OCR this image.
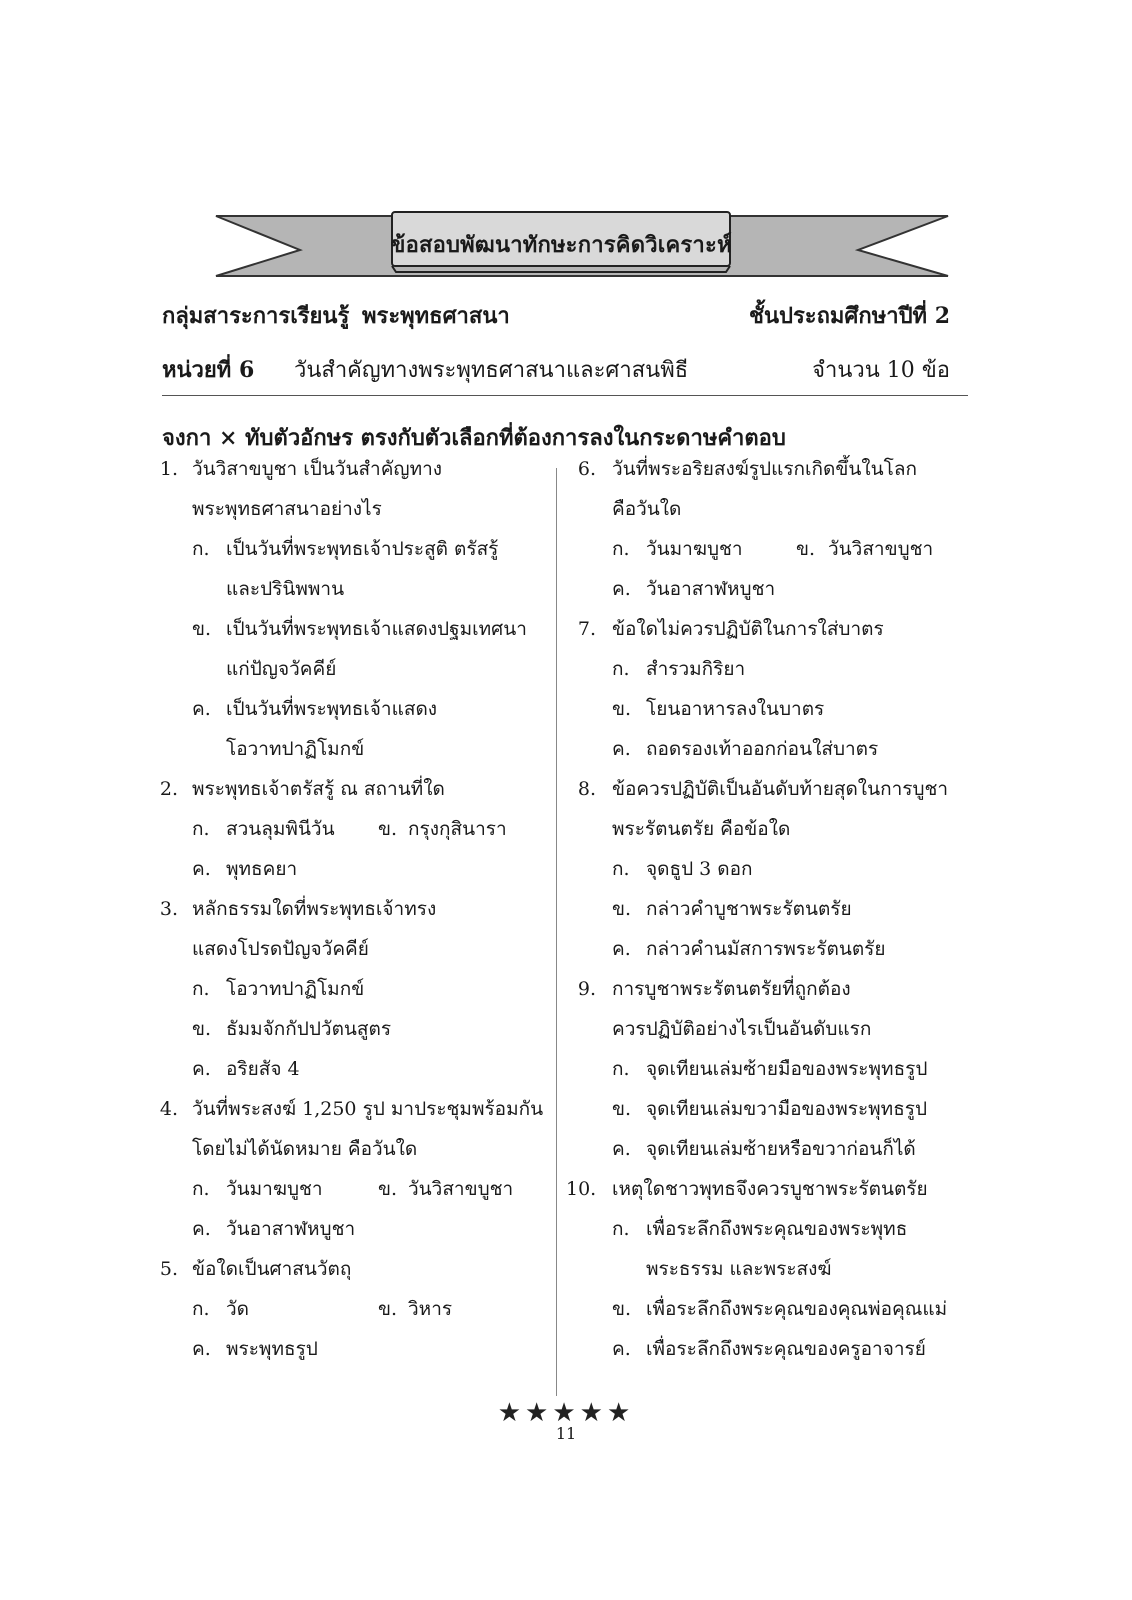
ข้อสอบพัฒนาทักษะการคิดวิเคราะห์
กลุ่มสาระการเรียนรู้ พระพุทธศาสนา	ชั้นประถมศึกษาปีที่ 2
หน่วยที่ 6 วันสำคัญทางพระพุทธศาสนาและศาสนพิธี	จำนวน 10 ข้อ
จงกา × ทับตัวอักษร ตรงกับตัวเลือกที่ต้องการลงในกระดาษคำตอบ
1. วันวิสาขบูชา เป็นวันสำคัญทาง
พระพุทธศาสนาอย่างไร
ก. เป็นวันที่พระพุทธเจ้าประสูติ ตรัสรู้
และปรินิพพาน
ข. เป็นวันที่พระพุทธเจ้าแสดงปฐมเทศนา
แก่ปัญจวัคคีย์
ค. เป็นวันที่พระพุทธเจ้าแสดง
โอวาทปาฏิโมกข์
2. พระพุทธเจ้าตรัสรู้ ณ สถานที่ใด
ก. สวนลุมพินีวัน ข. กรุงกุสินารา
ค. พุทธคยา
3. หลักธรรมใดที่พระพุทธเจ้าทรง
แสดงโปรดปัญจวัคคีย์
ก. โอวาทปาฏิโมกข์
ข. ธัมมจักกัปปวัตนสูตร
ค. อริยสัจ 4
4. วันที่พระสงฆ์ 1,250 รูป มาประชุมพร้อมกัน
โดยไม่ได้นัดหมาย คือวันใด
ก. วันมาฆบูชา	ข. วันวิสาขบูชา
ค. วันอาสาฬหบูชา
5. ข้อใดเป็นศาสนวัตถุ
ก. วัด	ข. วิหาร
ค. พระพุทธรูป
6. วันที่พระอริยสงฆ์รูปแรกเกิดขึ้นในโลก
คือวันใด
ก. วันมาฆบูชา	ข. วันวิสาขบูชา
ค. วันอาสาฬหบูชา
7. ข้อใดไม่ควรปฏิบัติในการใส่บาตร
ก. สำรวมกิริยา
ข. โยนอาหารลงในบาตร
ค. ถอดรองเท้าออกก่อนใส่บาตร
8. ข้อควรปฏิบัติเป็นอันดับท้ายสุดในการบูชา
พระรัตนตรัย คือข้อใด
ก. จุดธูป 3 ดอก
ข. กล่าวคำบูชาพระรัตนตรัย
ค. กล่าวคำนมัสการพระรัตนตรัย
9. การบูชาพระรัตนตรัยที่ถูกต้อง
ควรปฏิบัติอย่างไรเป็นอันดับแรก
ก. จุดเทียนเล่มซ้ายมือของพระพุทธรูป
ข. จุดเทียนเล่มขวามือของพระพุทธรูป
ค. จุดเทียนเล่มซ้ายหรือขวาก่อนก็ได้
10. เหตุใดชาวพุทธจึงควรบูชาพระรัตนตรัย
ก. เพื่อระลึกถึงพระคุณของพระพุทธ
พระธรรม และพระสงฆ์
ข. เพื่อระลึกถึงพระคุณของคุณพ่อคุณแม่
ค. เพื่อระลึกถึงพระคุณของครูอาจารย์
★★★★★
11
